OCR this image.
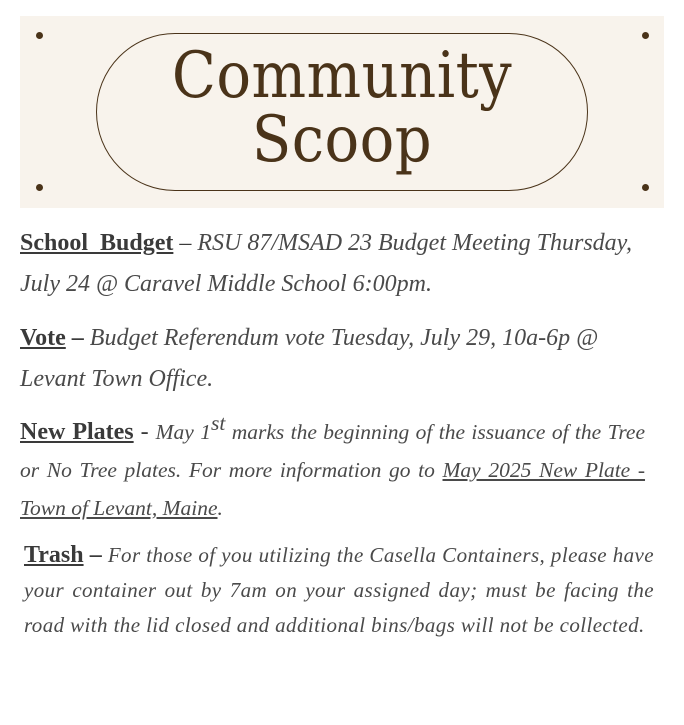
Community
Scoop
School  Budget – RSU 87/MSAD 23 Budget Meeting Thursday, July 24 @ Caravel Middle School 6:00pm.
Vote – Budget Referendum vote Tuesday, July 29, 10a-6p @ Levant Town Office.
New Plates - May 1st marks the beginning of the issuance of the Tree or No Tree plates. For more information go to May 2025 New Plate - Town of Levant, Maine.
Trash – For those of you utilizing the Casella Containers, please have your container out by 7am on your assigned day; must be facing the road with the lid closed and additional bins/bags will not be collected.
